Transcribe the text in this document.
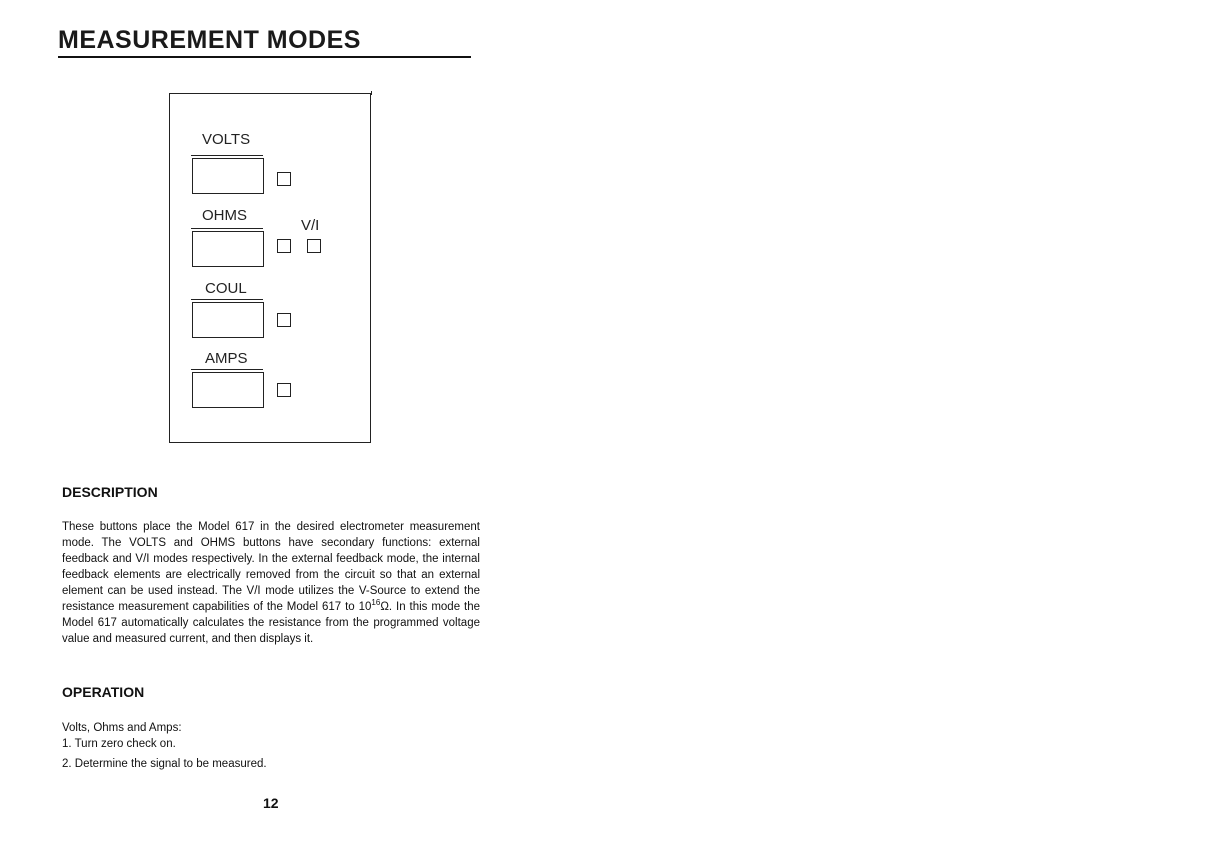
MEASUREMENT MODES
VOLTS
OHMS
V/I
COUL
AMPS
DESCRIPTION

These buttons place the Model 617 in the desired electrometer measurement mode. The VOLTS and OHMS buttons have secondary functions: external feedback and V/I modes respectively. In the external feedback mode, the internal feedback elements are electrically removed from the circuit so that an external element can be used instead. The V/I mode utilizes the V-Source to extend the resistance measurement capabilities of the Model 617 to $10^{16}\Omega$. In this mode the Model 617 automatically calculates the resistance from the programmed voltage value and measured current, and then displays it.

OPERATION
Volts, Ohms and Amps:
1. Turn zero check on.
2. Determine the signal to be measured.
12
